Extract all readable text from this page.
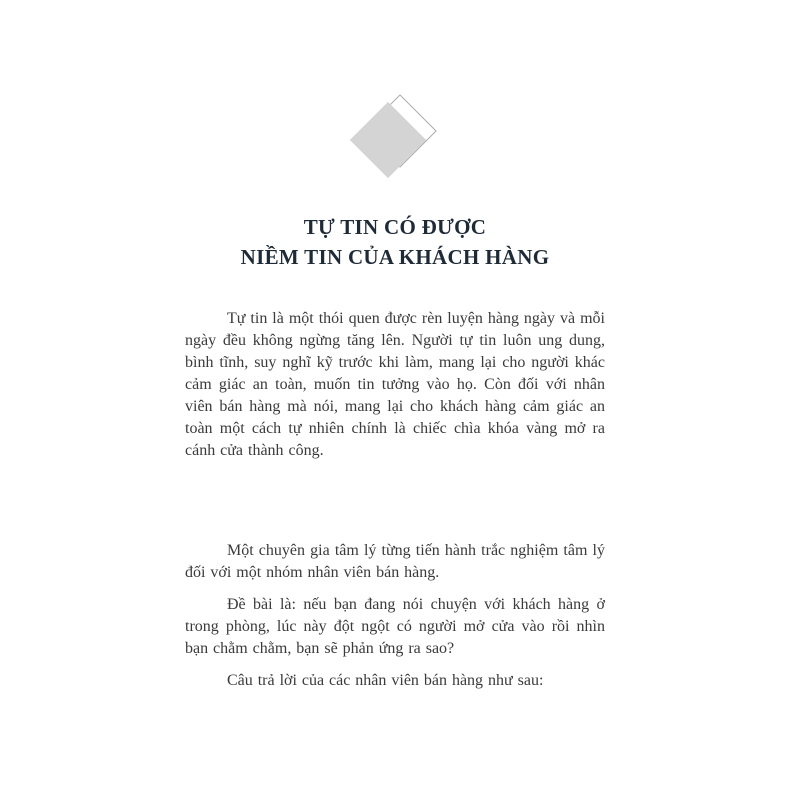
TỰ TIN CÓ ĐƯỢC
NIỀM TIN CỦA KHÁCH HÀNG

Tự tin là một thói quen được rèn luyện hàng ngày và mỗi ngày đều không ngừng tăng lên. Người tự tin luôn ung dung, bình tĩnh, suy nghĩ kỹ trước khi làm, mang lại cho người khác cảm giác an toàn, muốn tin tưởng vào họ. Còn đối với nhân viên bán hàng mà nói, mang lại cho khách hàng cảm giác an toàn một cách tự nhiên chính là chiếc chìa khóa vàng mở ra cánh cửa thành công.

Một chuyên gia tâm lý từng tiến hành trắc nghiệm tâm lý đối với một nhóm nhân viên bán hàng.

Đề bài là: nếu bạn đang nói chuyện với khách hàng ở trong phòng, lúc này đột ngột có người mở cửa vào rồi nhìn bạn chằm chằm, bạn sẽ phản ứng ra sao?

Câu trả lời của các nhân viên bán hàng như sau:
